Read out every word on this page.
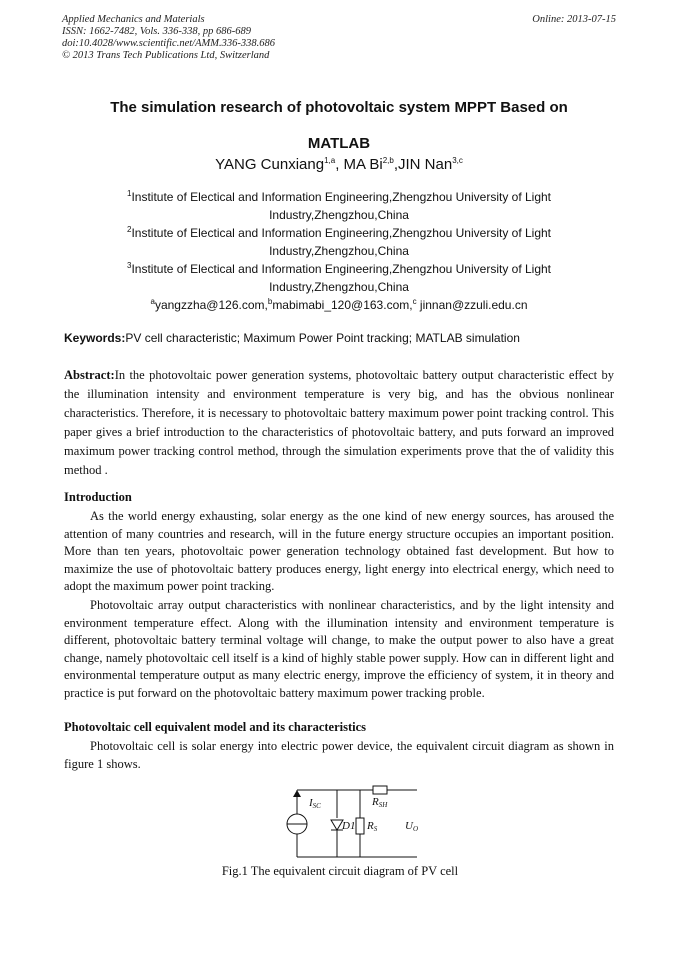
Applied Mechanics and Materials
ISSN: 1662-7482, Vols. 336-338, pp 686-689
doi:10.4028/www.scientific.net/AMM.336-338.686
© 2013 Trans Tech Publications Ltd, Switzerland
Online: 2013-07-15
The simulation research of photovoltaic system MPPT Based on
MATLAB
YANG Cunxiang$^{1,a}$, MA Bi$^{2,b}$,JIN Nan$^{3,c}$
$^1$Institute of Electical and Information Engineering,Zhengzhou University of Light
Industry,Zhengzhou,China
$^2$Institute of Electical and Information Engineering,Zhengzhou University of Light
Industry,Zhengzhou,China
$^3$Institute of Electical and Information Engineering,Zhengzhou University of Light
Industry,Zhengzhou,China
$^a$yangzzha@126.com,$^b$mabimabi_120@163.com,$^c$ jinnan@zzuli.edu.cn
Keywords:PV cell characteristic; Maximum Power Point tracking; MATLAB simulation
Abstract:In the photovoltaic power generation systems, photovoltaic battery output characteristic effect by the illumination intensity and environment temperature is very big, and has the obvious nonlinear characteristics. Therefore, it is necessary to photovoltaic battery maximum power point tracking control. This paper gives a brief introduction to the characteristics of photovoltaic battery, and puts forward an improved maximum power tracking control method, through the simulation experiments prove that the of validity this method .
Introduction

As the world energy exhausting, solar energy as the one kind of new energy sources, has aroused the attention of many countries and research, will in the future energy structure occupies an important position. More than ten years, photovoltaic power generation technology obtained fast development. But how to maximize the use of photovoltaic battery produces energy, light energy into electrical energy, which need to adopt the maximum power point tracking.

Photovoltaic array output characteristics with nonlinear characteristics, and by the light intensity and environment temperature effect. Along with the illumination intensity and environment temperature is different, photovoltaic battery terminal voltage will change, to make the output power to also have a great change, namely photovoltaic cell itself is a kind of highly stable power supply. How can in different light and environmental temperature output as many electric energy, improve the efficiency of system, it in theory and practice is put forward on the photovoltaic battery maximum power tracking proble.

Photovoltaic cell equivalent model and its characteristics

Photovoltaic cell is solar energy into electric power device, the equivalent circuit diagram as shown in figure 1 shows.

ISC	RSH
D1 RS	UO
Fig.1 The equivalent circuit diagram of PV cell
